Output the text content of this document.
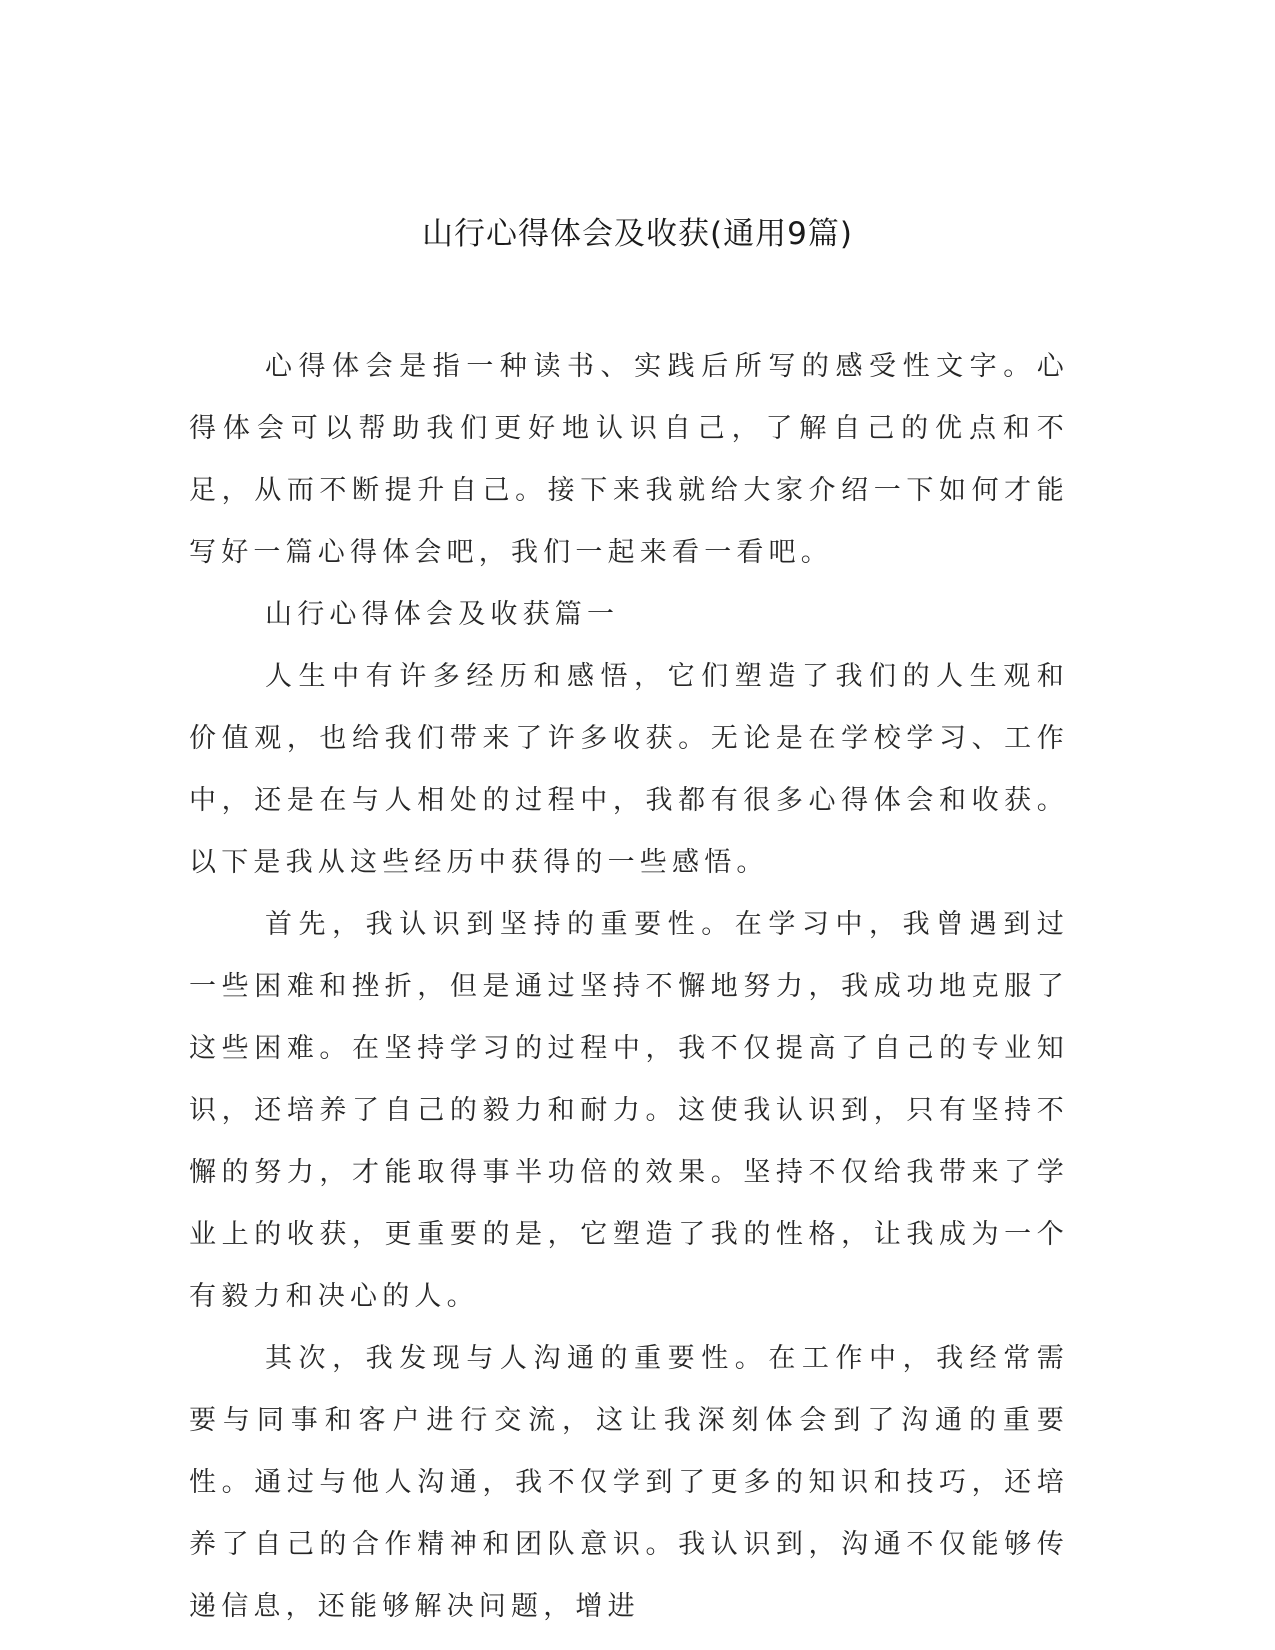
山行心得体会及收获(通用9篇)

心得体会是指一种读书、实践后所写的感受性文字。心得体会可以帮助我们更好地认识自己，了解自己的优点和不足，从而不断提升自己。接下来我就给大家介绍一下如何才能写好一篇心得体会吧，我们一起来看一看吧。

山行心得体会及收获篇一

人生中有许多经历和感悟，它们塑造了我们的人生观和价值观，也给我们带来了许多收获。无论是在学校学习、工作中，还是在与人相处的过程中，我都有很多心得体会和收获。以下是我从这些经历中获得的一些感悟。

首先，我认识到坚持的重要性。在学习中，我曾遇到过一些困难和挫折，但是通过坚持不懈地努力，我成功地克服了这些困难。在坚持学习的过程中，我不仅提高了自己的专业知识，还培养了自己的毅力和耐力。这使我认识到，只有坚持不懈的努力，才能取得事半功倍的效果。坚持不仅给我带来了学业上的收获，更重要的是，它塑造了我的性格，让我成为一个有毅力和决心的人。

其次，我发现与人沟通的重要性。在工作中，我经常需要与同事和客户进行交流，这让我深刻体会到了沟通的重要性。通过与他人沟通，我不仅学到了更多的知识和技巧，还培养了自己的合作精神和团队意识。我认识到，沟通不仅能够传递信息，还能够解决问题，增进
